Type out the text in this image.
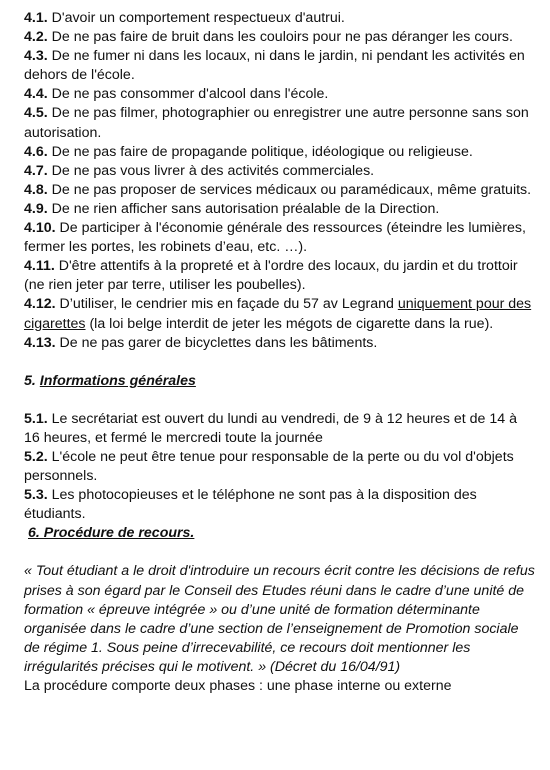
4.1. D'avoir un comportement respectueux d'autrui.

4.2. De ne pas faire de bruit dans les couloirs pour ne pas déranger les cours.

4.3. De ne fumer ni dans les locaux, ni dans le jardin, ni pendant les activités en dehors de l'école.

4.4. De ne pas consommer d'alcool dans l'école.

4.5. De ne pas filmer, photographier ou enregistrer une autre personne sans son autorisation.

4.6. De ne pas faire de propagande politique, idéologique ou religieuse.

4.7. De ne pas vous livrer à des activités commerciales.

4.8. De ne pas proposer de services médicaux ou paramédicaux, même gratuits.

4.9. De ne rien afficher sans autorisation préalable de la Direction.

4.10. De participer à l'économie générale des ressources (éteindre les lumières, fermer les portes, les robinets d’eau, etc. …).

4.11. D'être attentifs à la propreté et à l'ordre des locaux, du jardin et du trottoir (ne rien jeter par terre, utiliser les poubelles).

4.12. D’utiliser, le cendrier mis en façade du 57 av Legrand uniquement pour des cigarettes (la loi belge interdit de jeter les mégots de cigarette dans la rue).

4.13. De ne pas garer de bicyclettes dans les bâtiments.

5. Informations générales

5.1. Le secrétariat est ouvert du lundi au vendredi, de 9 à 12 heures et de 14 à 16 heures, et fermé le mercredi toute la journée

5.2. L'école ne peut être tenue pour responsable de la perte ou du vol d'objets personnels.

5.3. Les photocopieuses et le téléphone ne sont pas à la disposition des étudiants.

6. Procédure de recours.

« Tout étudiant a le droit d'introduire un recours écrit contre les décisions de refus prises à son égard par le Conseil des Etudes réuni dans le cadre d’une unité de formation « épreuve intégrée » ou d’une unité de formation déterminante organisée dans le cadre d’une section de l’enseignement de Promotion sociale de régime 1. Sous peine d’irrecevabilité, ce recours doit mentionner les irrégularités précises qui le motivent. » (Décret du 16/04/91)

La procédure comporte deux phases : une phase interne ou externe
